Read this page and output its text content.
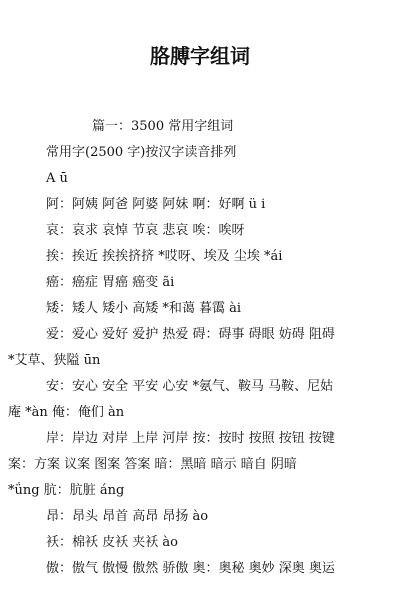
胳膊字组词
篇一：3500 常用字组词
常用字(2500 字)按汉字读音排列
A ū
阿：阿姨 阿爸 阿婆 阿妹 啊：好啊 ü i
哀：哀求 哀悼 节哀 悲哀 唉：唉呀
挨：挨近 挨挨挤挤 *哎呀、埃及 尘埃 *ái
癌：癌症 胃癌 癌变 ãi
矮：矮人 矮小 高矮 *和蔼 暮霭 ài
爱：爱心 爱好 爱护 热爱 碍：碍事 碍眼 妨碍 阻碍
*艾草、狭隘 ūn
安：安心 安全 平安 心安 *氨气、鞍马 马鞍、尼姑
庵 *àn 俺：俺们 àn
岸：岸边 对岸 上岸 河岸 按：按时 按照 按钮 按键
案：方案 议案 图案 答案 暗：黑暗 暗示 暗自 阴暗
*ǘng 肮：肮脏 áng
昂：昂头 昂首 高昂 昂扬 ào
袄：棉袄 皮袄 夹袄 ào
傲：傲气 傲慢 傲然 骄傲 奥：奥秘 奥妙 深奥 奥运
